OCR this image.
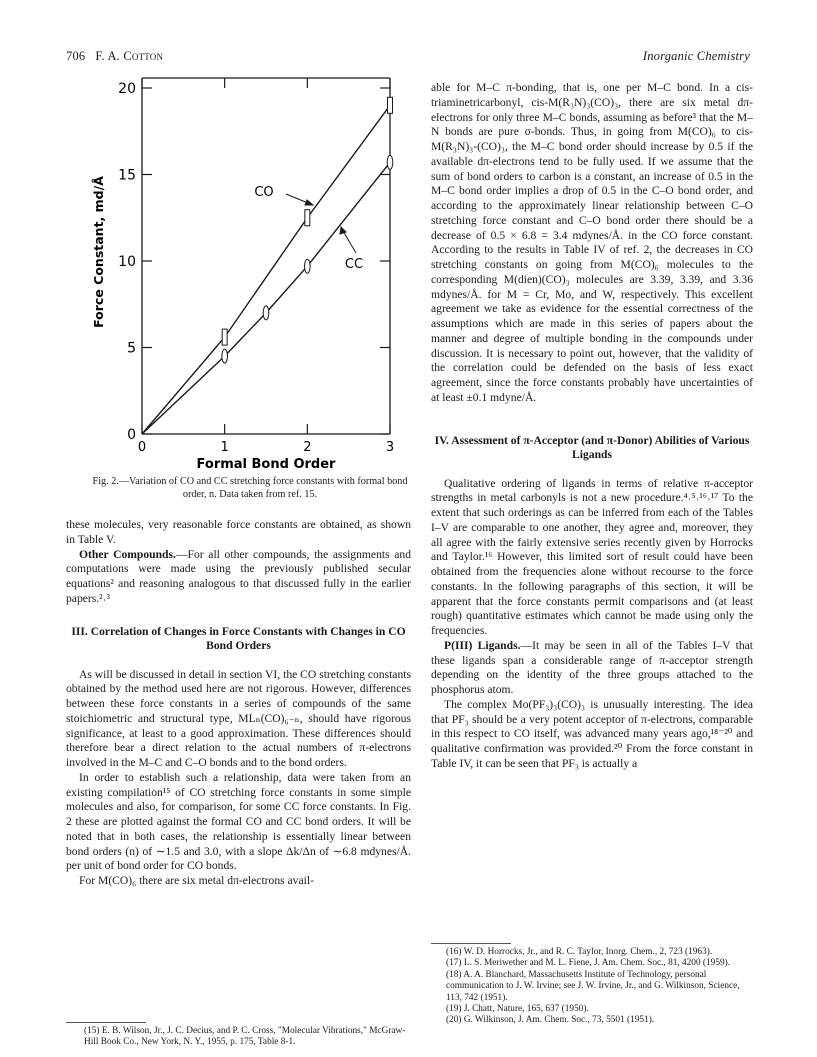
706 F. A. Cotton	Inorganic Chemistry
0	1	2	3
0
5
10
15
20
Force Constant, md/Å
Formal Bond Order
CO
CC
Fig. 2.—Variation of CO and CC stretching force constants with formal bond order, n. Data taken from ref. 15.

these molecules, very reasonable force constants are obtained, as shown in Table V.

Other Compounds.—For all other compounds, the assignments and computations were made using the previously published secular equations² and reasoning analogous to that discussed fully in the earlier papers.²˒³

III. Correlation of Changes in Force Constants with Changes in CO Bond Orders

As will be discussed in detail in section VI, the CO stretching constants obtained by the method used here are not rigorous. However, differences between these force constants in a series of compounds of the same stoichiometric and structural type, MLₙ(CO)₆₋ₙ, should have rigorous significance, at least to a good approximation. These differences should therefore bear a direct relation to the actual numbers of π-electrons involved in the M–C and C–O bonds and to the bond orders.

In order to establish such a relationship, data were taken from an existing compilation¹⁵ of CO stretching force constants in some simple molecules and also, for comparison, for some CC force constants. In Fig. 2 these are plotted against the formal CO and CC bond orders. It will be noted that in both cases, the relationship is essentially linear between bond orders (n) of ∼1.5 and 3.0, with a slope Δk/Δn of ∼6.8 mdynes/Å. per unit of bond order for CO bonds.

For M(CO)₆ there are six metal dπ-electrons avail-

(15) E. B. Wilson, Jr., J. C. Decius, and P. C. Cross, "Molecular Vibrations," McGraw-Hill Book Co., New York, N. Y., 1955, p. 175, Table 8-1.

able for M–C π-bonding, that is, one per M–C bond. In a cis-triaminetricarbonyl, cis-M(R₃N)₃(CO)₃, there are six metal dπ-electrons for only three M–C bonds, assuming as before³ that the M–N bonds are pure σ-bonds. Thus, in going from M(CO)₆ to cis-M(R₃N)₃-(CO)₃, the M–C bond order should increase by 0.5 if the available dπ-electrons tend to be fully used. If we assume that the sum of bond orders to carbon is a constant, an increase of 0.5 in the M–C bond order implies a drop of 0.5 in the C–O bond order, and according to the approximately linear relationship between C–O stretching force constant and C–O bond order there should be a decrease of 0.5 × 6.8 = 3.4 mdynes/Å. in the CO force constant. According to the results in Table IV of ref. 2, the decreases in CO stretching constants on going from M(CO)₆ molecules to the corresponding M(dien)(CO)₃ molecules are 3.39, 3.39, and 3.36 mdynes/Å. for M = Cr, Mo, and W, respectively. This excellent agreement we take as evidence for the essential correctness of the assumptions which are made in this series of papers about the manner and degree of multiple bonding in the compounds under discussion. It is necessary to point out, however, that the validity of the correlation could be defended on the basis of less exact agreement, since the force constants probably have uncertainties of at least ±0.1 mdyne/Å.

IV. Assessment of π-Acceptor (and π-Donor) Abilities of Various Ligands

Qualitative ordering of ligands in terms of relative π-acceptor strengths in metal carbonyls is not a new procedure.⁴˒⁵˒¹⁶˒¹⁷ To the extent that such orderings as can be inferred from each of the Tables I–V are comparable to one another, they agree and, moreover, they all agree with the fairly extensive series recently given by Horrocks and Taylor.¹⁶ However, this limited sort of result could have been obtained from the frequencies alone without recourse to the force constants. In the following paragraphs of this section, it will be apparent that the force constants permit comparisons and (at least rough) quantitative estimates which cannot be made using only the frequencies.

P(III) Ligands.—It may be seen in all of the Tables I–V that these ligands span a considerable range of π-acceptor strength depending on the identity of the three groups attached to the phosphorus atom.

The complex Mo(PF₃)₃(CO)₃ is unusually interesting. The idea that PF₃ should be a very potent acceptor of π-electrons, comparable in this respect to CO itself, was advanced many years ago,¹⁸⁻²⁰ and qualitative confirmation was provided.²⁰ From the force constant in Table IV, it can be seen that PF₃ is actually a

(16) W. D. Horrocks, Jr., and R. C. Taylor, Inorg. Chem., 2, 723 (1963).

(17) L. S. Meriwether and M. L. Fiene, J. Am. Chem. Soc., 81, 4200 (1959).

(18) A. A. Blanchard, Massachusetts Institute of Technology, personal communication to J. W. Irvine; see J. W. Irvine, Jr., and G. Wilkinson, Science, 113, 742 (1951).

(19) J. Chatt, Nature, 165, 637 (1950).

(20) G. Wilkinson, J. Am. Chem. Soc., 73, 5501 (1951).
